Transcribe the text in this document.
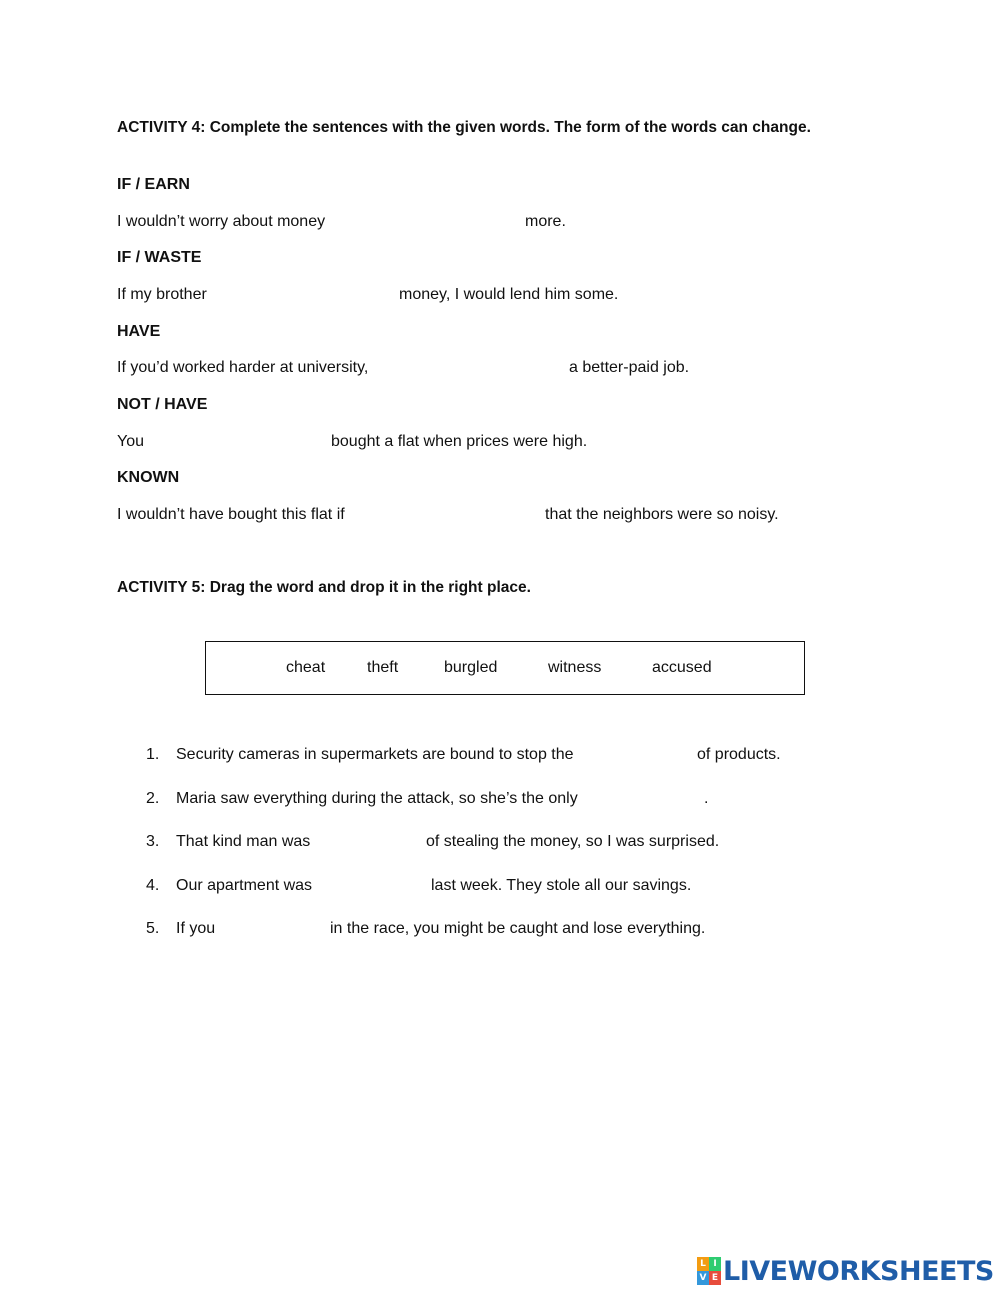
ACTIVITY 4: Complete the sentences with the given words. The form of the words can change.
IF / EARN
I wouldn’t worry about money	more.
IF / WASTE
If my brother	money, I would lend him some.
HAVE
If you’d worked harder at university,	a better-paid job.
NOT / HAVE
You	bought a flat when prices were high.
KNOWN
I wouldn’t have bought this flat if	that the neighbors were so noisy.
ACTIVITY 5: Drag the word and drop it in the right place.
cheat	theft	burgled	witness	accused
1. Security cameras in supermarkets are bound to stop the	of products.
2. Maria saw everything during the attack, so she’s the only	.
3. That kind man was	of stealing the money, so I was surprised.
4. Our apartment was	last week. They stole all our savings.
5. If you	in the race, you might be caught and lose everything.
L I
V E LIVEWORKSHEETS
